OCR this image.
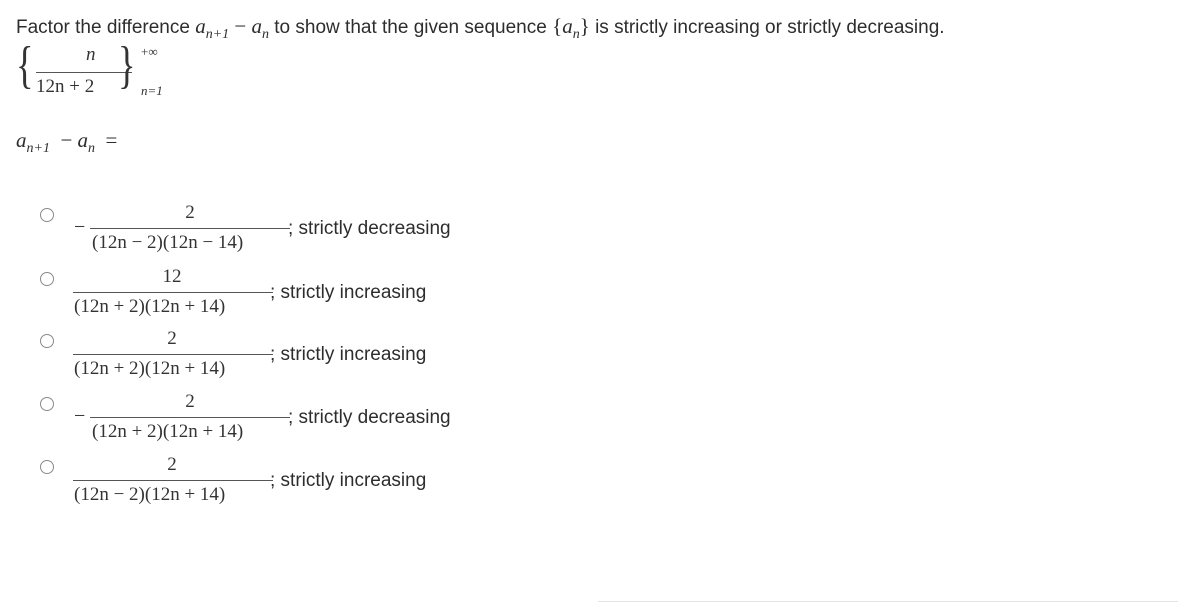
Factor the difference $a_{n+1} - a_n$ to show that the given sequence $\{a_n\}$ is strictly increasing or strictly decreasing.
{	n
12n + 2 } +∞
n=1
$a_{n+1} - a_n$ =
−
2
(12n − 2)(12n − 14)
; strictly decreasing
12
(12n + 2)(12n + 14)
; strictly increasing
2
(12n + 2)(12n + 14)
; strictly increasing
−
2
(12n + 2)(12n + 14)
; strictly decreasing
2
(12n − 2)(12n + 14)
; strictly increasing
